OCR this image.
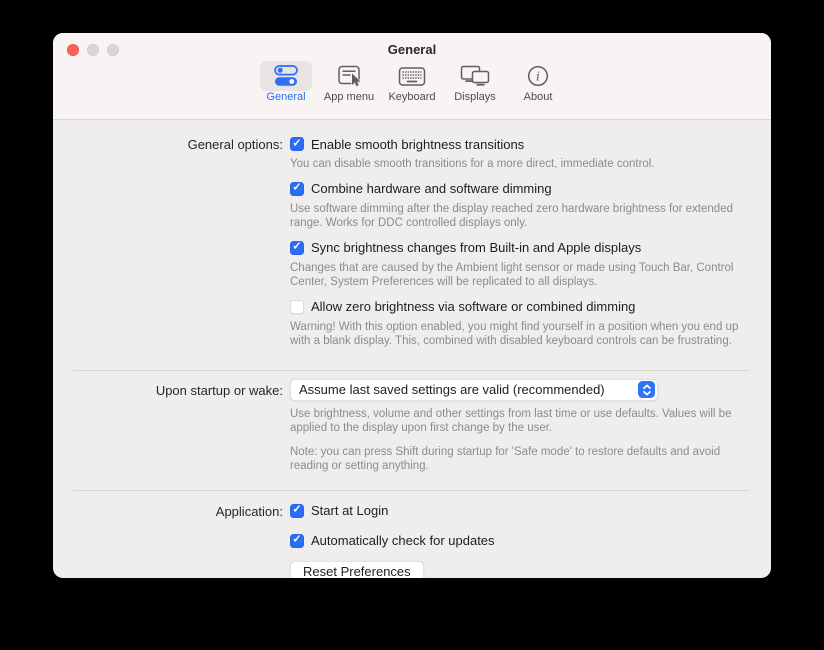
General
General App menu Keyboard Displays
i
About
General options: ✓ Enable smooth brightness transitions
You can disable smooth transitions for a more direct, immediate control.
✓ Combine hardware and software dimming
Use software dimming after the display reached zero hardware brightness for extended range. Works for DDC controlled displays only.
✓ Sync brightness changes from Built-in and Apple displays
Changes that are caused by the Ambient light sensor or made using Touch Bar, Control Center, System Preferences will be replicated to all displays.
Allow zero brightness via software or combined dimming
Warning! With this option enabled, you might find yourself in a position when you end up with a blank display. This, combined with disabled keyboard controls can be frustrating.
Upon startup or wake: Assume last saved settings are valid (recommended)
Use brightness, volume and other settings from last time or use defaults. Values will be applied to the display upon first change by the user.
Note: you can press Shift during startup for 'Safe mode' to restore defaults and avoid reading or setting anything.
Application: ✓ Start at Login
✓ Automatically check for updates
Reset Preferences
